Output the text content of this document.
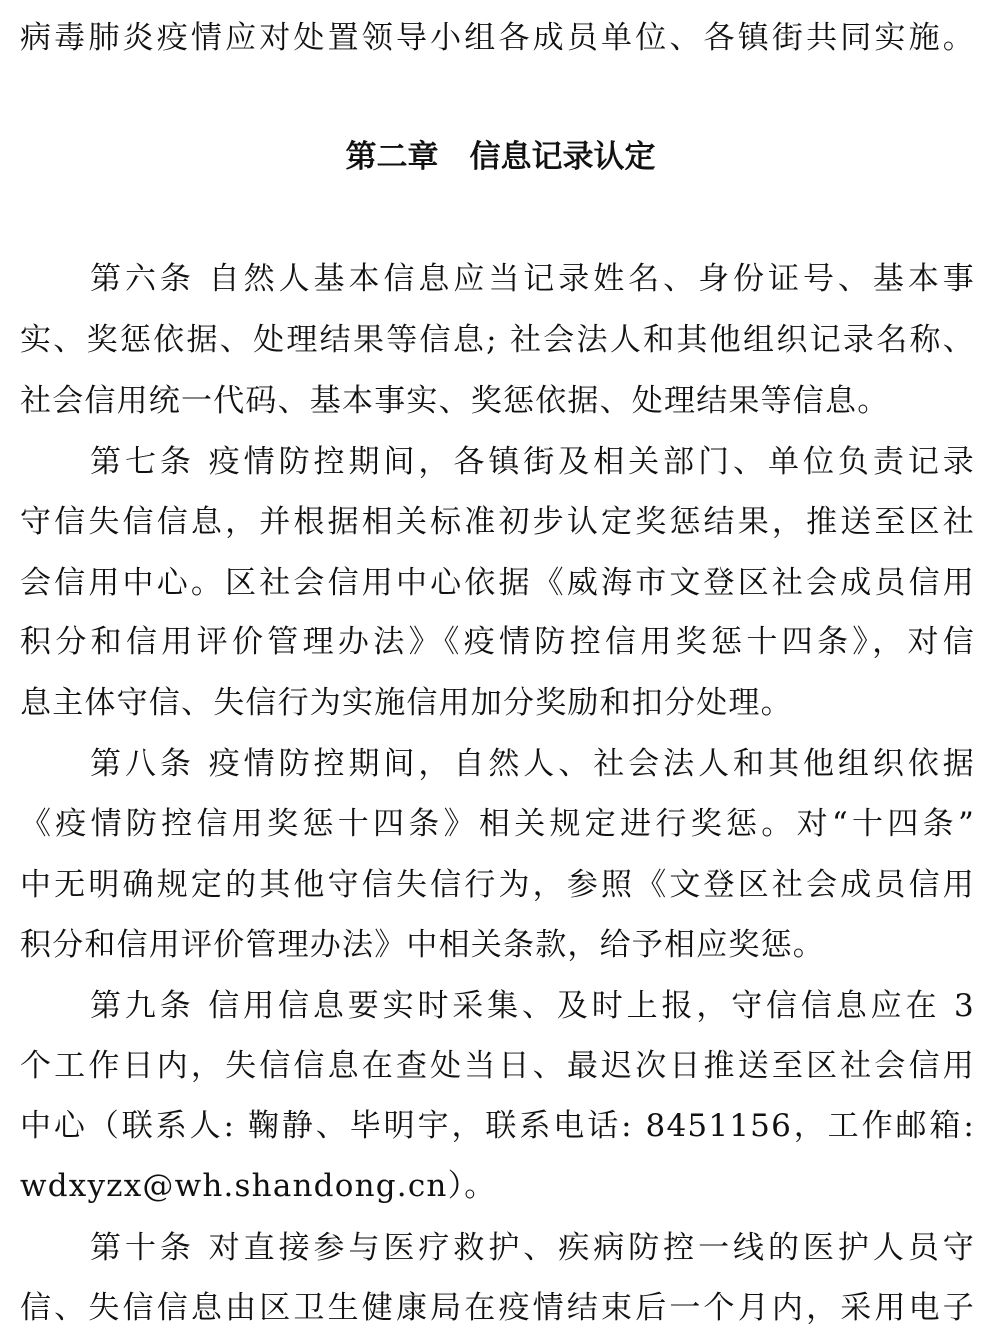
病毒肺炎疫情应对处置领导小组各成员单位、各镇街共同实施。
第二章　信息记录认定
第六条 自然人基本信息应当记录姓名、身份证号、基本事
实、奖惩依据、处理结果等信息; 社会法人和其他组织记录名称、
社会信用统一代码、基本事实、奖惩依据、处理结果等信息。
第七条 疫情防控期间，各镇街及相关部门、单位负责记录
守信失信信息，并根据相关标准初步认定奖惩结果，推送至区社
会信用中心。区社会信用中心依据《威海市文登区社会成员信用
积分和信用评价管理办法》《疫情防控信用奖惩十四条》，对信
息主体守信、失信行为实施信用加分奖励和扣分处理。
第八条 疫情防控期间，自然人、社会法人和其他组织依据
《疫情防控信用奖惩十四条》相关规定进行奖惩。对“十四条”
中无明确规定的其他守信失信行为，参照《文登区社会成员信用
积分和信用评价管理办法》中相关条款，给予相应奖惩。
第九条 信用信息要实时采集、及时上报，守信信息应在 3
个工作日内，失信信息在查处当日、最迟次日推送至区社会信用
中心（联系人: 鞠静、毕明宇，联系电话: 8451156，工作邮箱:
wdxyzx@wh.shandong.cn）。
第十条 对直接参与医疗救护、疾病防控一线的医护人员守
信、失信信息由区卫生健康局在疫情结束后一个月内，采用电子
